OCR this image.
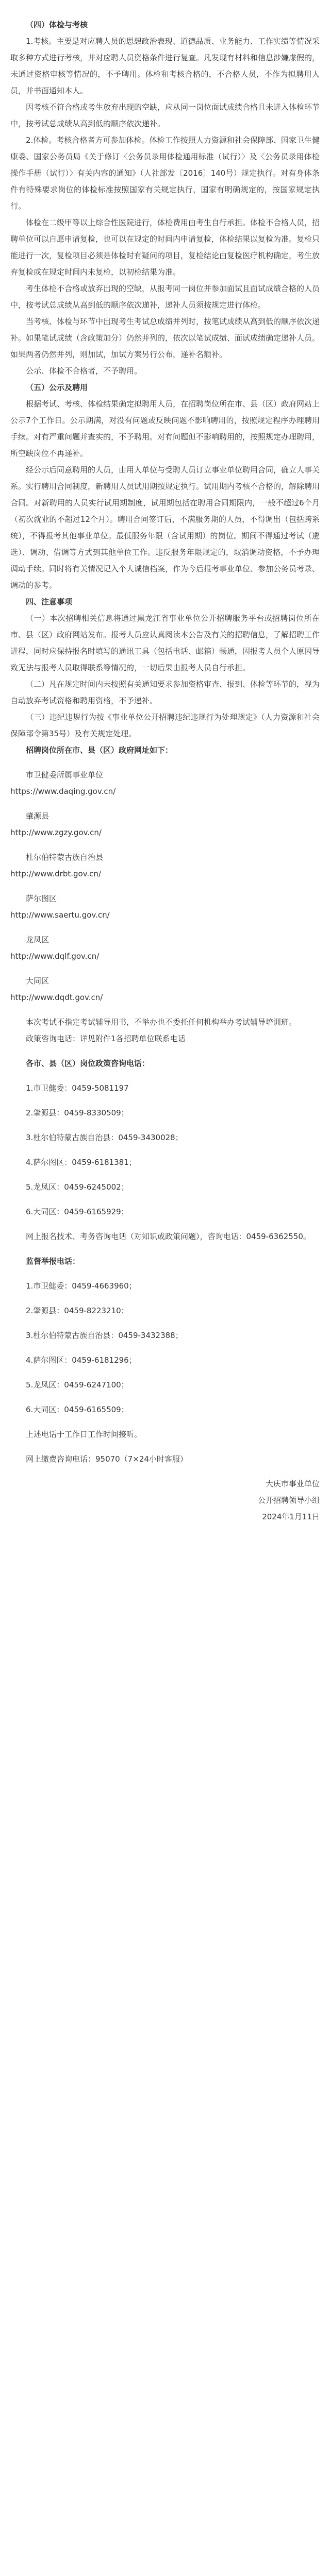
（四）体检与考核

1.考核。主要是对应聘人员的思想政治表现、道德品质、业务能力、工作实绩等情况采取多种方式进行考核，并对应聘人员资格条件进行复查。凡发现有材料和信息涉嫌虚假的，未通过资格审核等情况的，不予聘用。体检和考核合格的，不合格人员，不作为拟聘用人员，并书面通知本人。

因考核不符合格或考生放弃出现的空缺，应从同一岗位面试成绩合格且未进入体检环节中，按考试总成绩从高到低的顺序依次递补。

2.体检。考核合格者方可参加体检。体检工作按照人力资源和社会保障部、国家卫生健康委、国家公务员局《关于修订〈公务员录用体检通用标准（试行）〉及〈公务员录用体检操作手册（试行）〉有关内容的通知》（人社部发〔2016〕140号）规定执行。对有身体条件有特殊要求岗位的体检标准按照国家有关规定执行，国家有明确规定的，按国家规定执行。

体检在二级甲等以上综合性医院进行，体检费用由考生自行承担。体检不合格人员，招聘单位可以自愿申请复检，也可以在规定的时间内申请复检，体检结果以复检为准。复检只能进行一次，复检项目必须是体检时有疑问的项目，复检结论由复检医疗机构确定，考生放弃复检或在规定时间内未复检，以初检结果为准。

考生体检不合格或放弃出现的空缺，从报考同一岗位并参加面试且面试成绩合格的人员中，按考试总成绩从高到低的顺序依次递补，递补人员须按规定进行体检。

当考核、体检与环节中出现考生考试总成绩并列时，按笔试成绩从高到低的顺序依次递补。如果笔试成绩（含政策加分）仍然并列的，依次以笔试成绩、面试成绩确定递补人员。如果两者仍然并列，则加试，加试方案另行公布，递补名额补。

公示、体检不合格者，不予聘用。

（五）公示及聘用

根据考试、考核、体检结果确定拟聘用人员，在招聘岗位所在市、县（区）政府网站上公示7个工作日。公示期满，对没有问题或反映问题不影响聘用的，按照规定程序办理聘用手续。对有严重问题并查实的，不予聘用。对有问题但不影响聘用的，按照规定办理聘用，所空缺岗位不再递补。

经公示后同意聘用的人员，由用人单位与受聘人员订立事业单位聘用合同，确立人事关系。实行聘用合同制度，新聘用人员试用期按规定执行。试用期内考核不合格的，解除聘用合同。对新聘用的人员实行试用期制度，试用期包括在聘用合同期限内，一般不超过6个月（初次就业的不超过12个月）。聘用合同签订后，不满服务期的人员，不得调出（包括跨系统），不得报考其他事业单位。最低服务年限（含试用期）的岗位。期间不得通过考试（遴选）、调动、借调等方式到其他单位工作。违反服务年限规定的，取消调动资格，不予办理调动手续。同时将有关情况记入个人诚信档案，作为今后报考事业单位、参加公务员考录、调动的参考。

四、注意事项

（一）本次招聘相关信息将通过黑龙江省事业单位公开招聘服务平台或招聘岗位所在市、县（区）政府网站发布。报考人员应认真阅读本公告及有关的招聘信息，了解招聘工作进程，同时应保持报名时填写的通讯工具（包括电话、邮箱）畅通，因报考人员个人原因导致无法与报考人员取得联系等情况的，一切后果由报考人员自行承担。

（二）凡在规定时间内未按照有关通知要求参加资格审查、报到、体检等环节的，视为自动放弃考试资格和聘用资格，不予递补。

（三）违纪违规行为按《事业单位公开招聘违纪违规行为处理规定》（人力资源和社会保障部令第35号）及有关规定处理。

招聘岗位所在市、县（区）政府网址如下：

市卫健委所属事业单位

https://www.daqing.gov.cn/

肇源县

http://www.zgzy.gov.cn/

杜尔伯特蒙古族自治县

http://www.drbt.gov.cn/

萨尔图区

http://www.saertu.gov.cn/

龙凤区

http://www.dqlf.gov.cn/

大同区

http://www.dqdt.gov.cn/

本次考试不指定考试辅导用书，不举办也不委托任何机构举办考试辅导培训班。

政策咨询电话：详见附件1各招聘单位联系电话

各市、县（区）岗位政策咨询电话：

1.市卫健委：0459-5081197

2.肇源县：0459-8330509；

3.杜尔伯特蒙古族自治县：0459-3430028；

4.萨尔图区：0459-6181381；

5.龙凤区：0459-6245002；

6.大同区：0459-6165929；

网上报名技术、考务咨询电话（对知识或政策问题），咨询电话：0459-6362550。

监督举报电话：

1.市卫健委：0459-4663960；

2.肇源县：0459-8223210；

3.杜尔伯特蒙古族自治县：0459-3432388；

4.萨尔图区：0459-6181296；

5.龙凤区：0459-6247100；

6.大同区：0459-6165509；

上述电话于工作日工作时间接听。

网上缴费咨询电话：95070（7×24小时客服）

大庆市事业单位

公开招聘领导小组

2024年1月11日
